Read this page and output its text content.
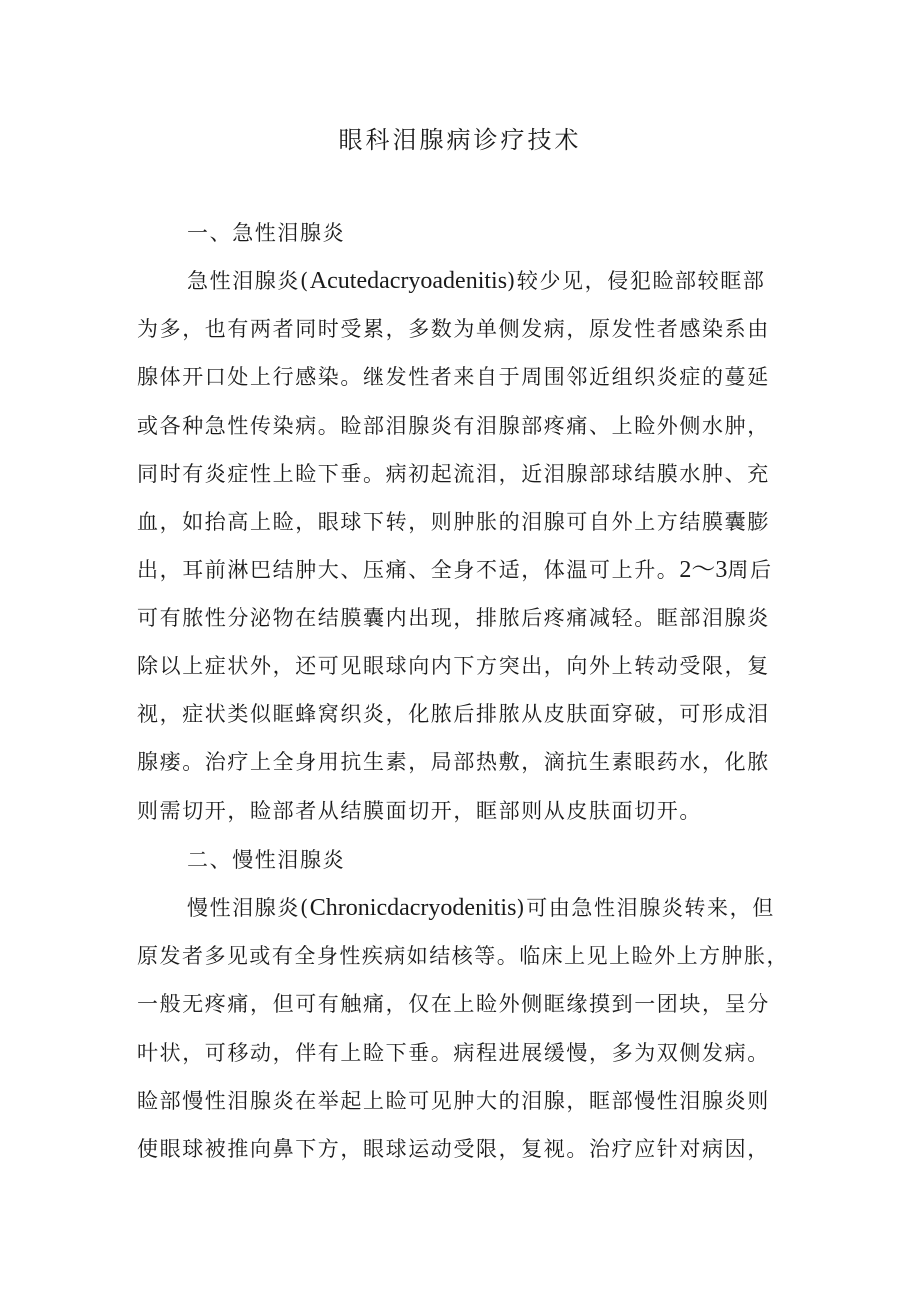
眼科泪腺病诊疗技术
一、急性泪腺炎
急性泪腺炎(Acutedacryoadenitis)较少见，侵犯睑部较眶部
为多，也有两者同时受累，多数为单侧发病，原发性者感染系由
腺体开口处上行感染。继发性者来自于周围邻近组织炎症的蔓延
或各种急性传染病。睑部泪腺炎有泪腺部疼痛、上睑外侧水肿，
同时有炎症性上睑下垂。病初起流泪，近泪腺部球结膜水肿、充
血，如抬高上睑，眼球下转，则肿胀的泪腺可自外上方结膜囊膨
出，耳前淋巴结肿大、压痛、全身不适，体温可上升。2～3周后
可有脓性分泌物在结膜囊内出现，排脓后疼痛减轻。眶部泪腺炎
除以上症状外，还可见眼球向内下方突出，向外上转动受限，复
视，症状类似眶蜂窝织炎，化脓后排脓从皮肤面穿破，可形成泪
腺瘘。治疗上全身用抗生素，局部热敷，滴抗生素眼药水，化脓
则需切开，睑部者从结膜面切开，眶部则从皮肤面切开。
二、慢性泪腺炎
慢性泪腺炎(Chronicdacryodenitis)可由急性泪腺炎转来，但
原发者多见或有全身性疾病如结核等。临床上见上睑外上方肿胀，
一般无疼痛，但可有触痛，仅在上睑外侧眶缘摸到一团块，呈分
叶状，可移动，伴有上睑下垂。病程进展缓慢，多为双侧发病。
睑部慢性泪腺炎在举起上睑可见肿大的泪腺，眶部慢性泪腺炎则
使眼球被推向鼻下方，眼球运动受限，复视。治疗应针对病因，
